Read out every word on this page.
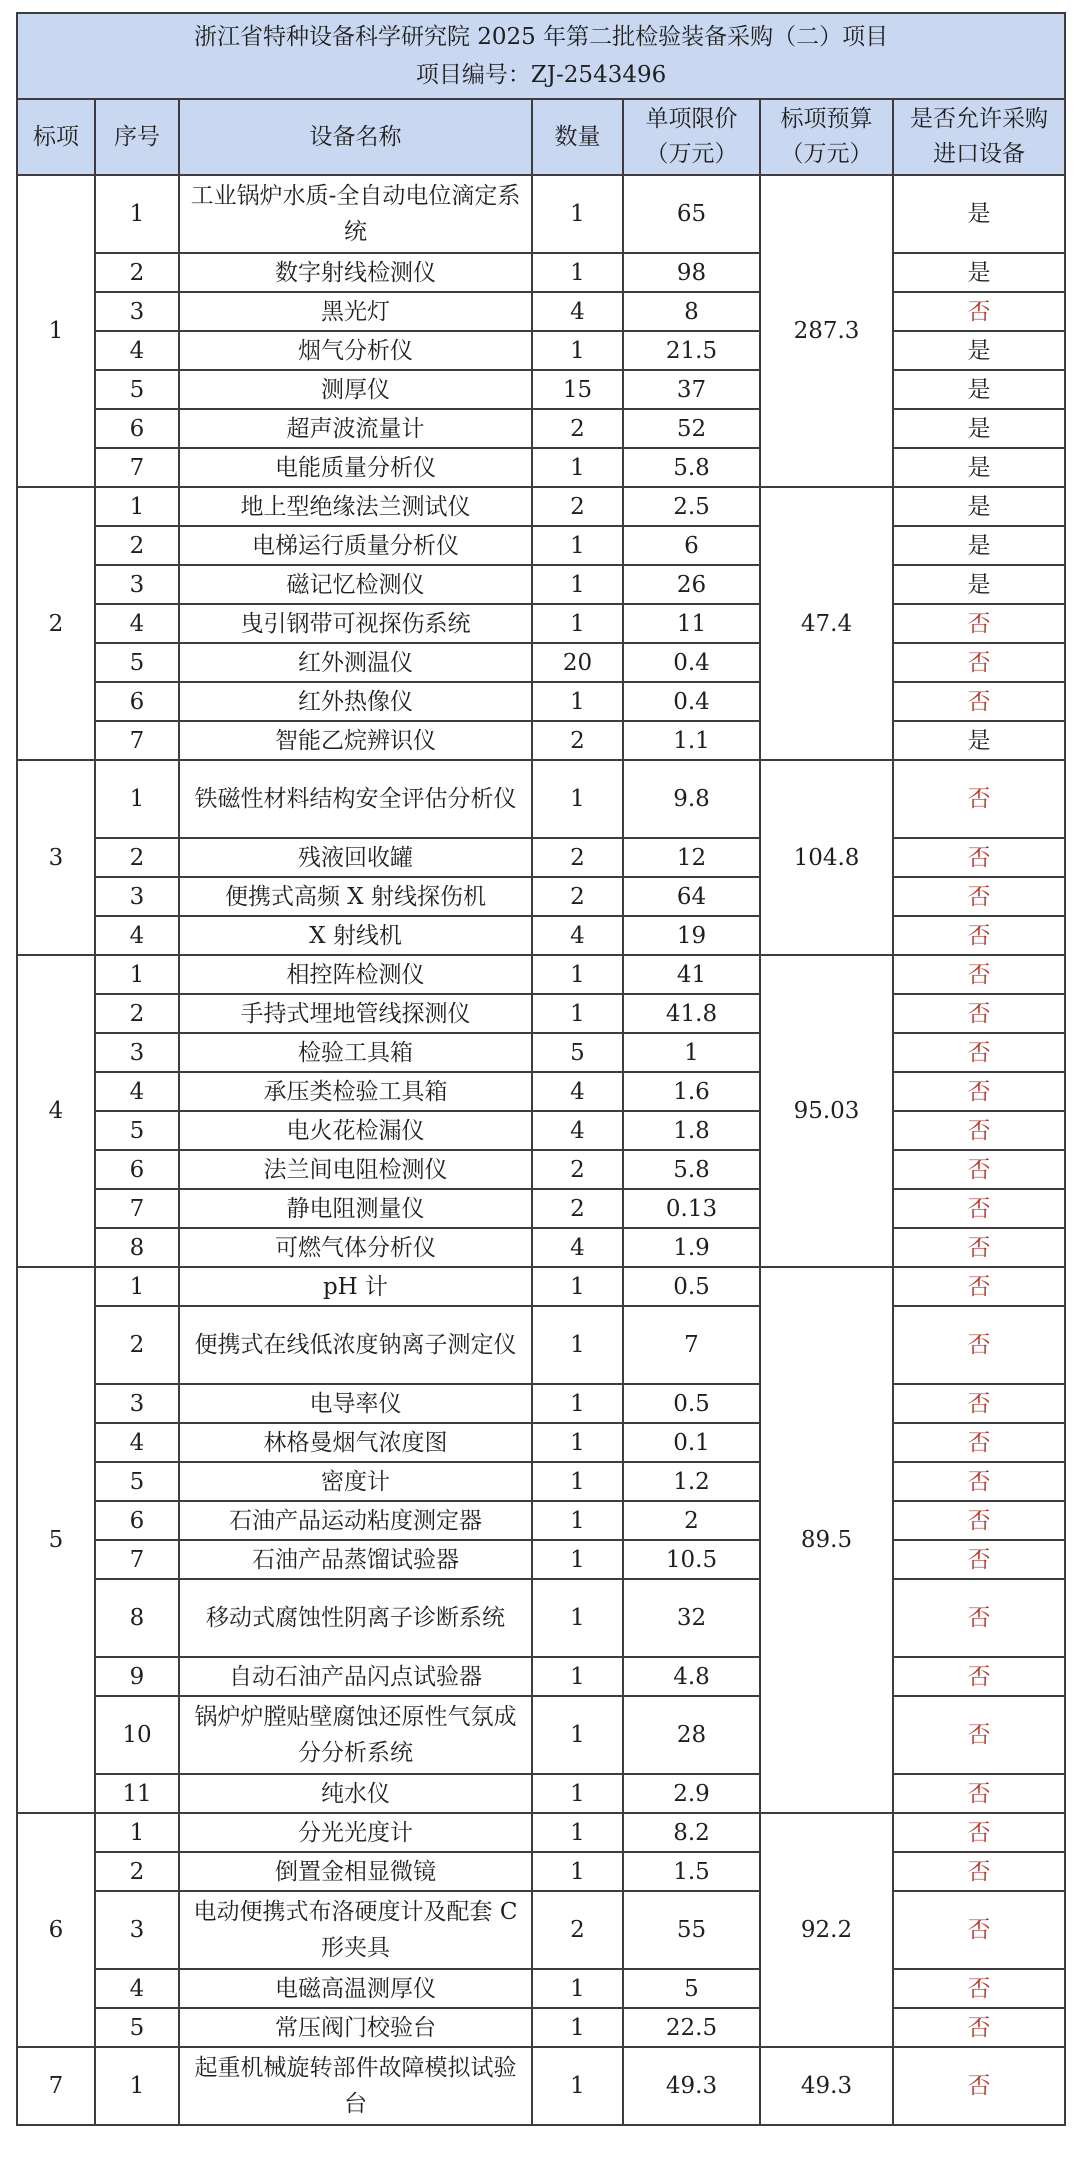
浙江省特种设备科学研究院 2025 年第二批检验装备采购（二）项目
项目编号：ZJ-2543496						

标项	序号	设备名称	数量	单项限价（万元）	标项预算（万元）	是否允许采购进口设备
1	1	工业锅炉水质-全自动电位滴定系统	1	65	287.3	是
	2	数字射线检测仪	1	98		是
	3	黑光灯	4	8		否
	4	烟气分析仪	1	21.5		是
	5	测厚仪	15	37		是
	6	超声波流量计	2	52		是
	7	电能质量分析仪	1	5.8		是
2	1	地上型绝缘法兰测试仪	2	2.5	47.4	是
	2	电梯运行质量分析仪	1	6		是
	3	磁记忆检测仪	1	26		是
	4	曳引钢带可视探伤系统	1	11		否
	5	红外测温仪	20	0.4		否
	6	红外热像仪	1	0.4		否
	7	智能乙烷辨识仪	2	1.1		是
3	1	铁磁性材料结构安全评估分析仪	1	9.8	104.8	否
	2	残液回收罐	2	12		否
	3	便携式高频 X 射线探伤机	2	64		否
	4	X 射线机	4	19		否
4	1	相控阵检测仪	1	41	95.03	否
	2	手持式埋地管线探测仪	1	41.8		否
	3	检验工具箱	5	1		否
	4	承压类检验工具箱	4	1.6		否
	5	电火花检漏仪	4	1.8		否
	6	法兰间电阻检测仪	2	5.8		否
	7	静电阻测量仪	2	0.13		否
	8	可燃气体分析仪	4	1.9		否
5	1	pH 计	1	0.5	89.5	否
	2	便携式在线低浓度钠离子测定仪	1	7		否
	3	电导率仪	1	0.5		否
	4	林格曼烟气浓度图	1	0.1		否
	5	密度计	1	1.2		否
	6	石油产品运动粘度测定器	1	2		否
	7	石油产品蒸馏试验器	1	10.5		否
	8	移动式腐蚀性阴离子诊断系统	1	32		否
	9	自动石油产品闪点试验器	1	4.8		否
	10	锅炉炉膛贴壁腐蚀还原性气氛成分分析系统	1	28		否
	11	纯水仪	1	2.9		否
6	1	分光光度计	1	8.2	92.2	否
	2	倒置金相显微镜	1	1.5		否
	3	电动便携式布洛硬度计及配套 C 形夹具	2	55		否
	4	电磁高温测厚仪	1	5		否
	5	常压阀门校验台	1	22.5		否
7	1	起重机械旋转部件故障模拟试验台	1	49.3	49.3	否
